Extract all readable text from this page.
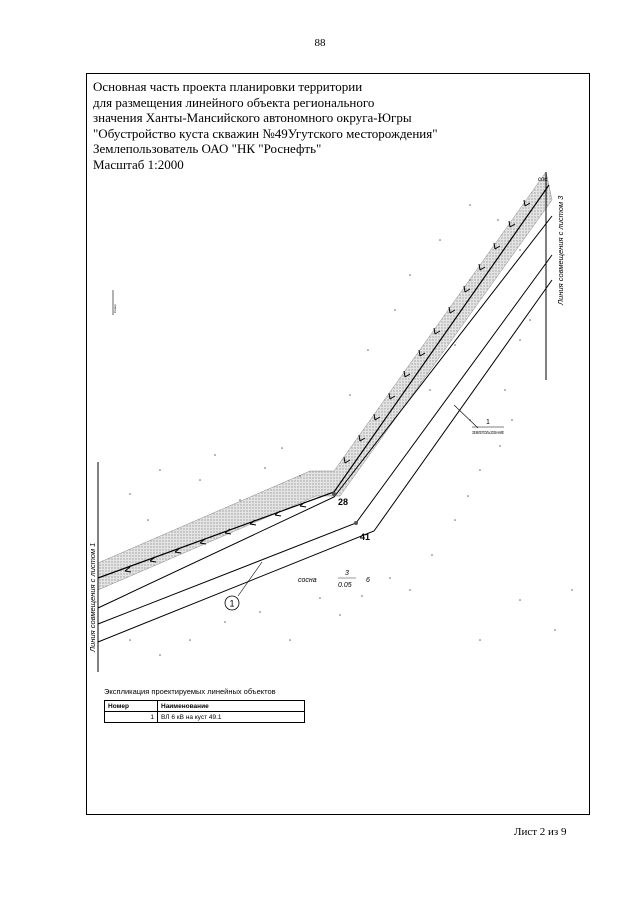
88
Основная часть проекта планировки территории
для размещения линейного объекта регионального
значения Ханты-Мансийского автономного округа-Югры
"Обустройство куста скважин №49Угутского месторождения"
Землепользователь ОАО "НК "Роснефть"
Масштаб 1:2000
1
28
41
сосна
3
0.05
6
сос
1
ЗЕМЛЕПОЛЬЗОВАНИЕ
Север
Линия совмещения с листом 1
Линия совмещения с листом 3
Экспликация проектируемых линейных объектов
Номер	Наименование
1	ВЛ 6 кВ на куст 49.1
Лист 2 из 9
